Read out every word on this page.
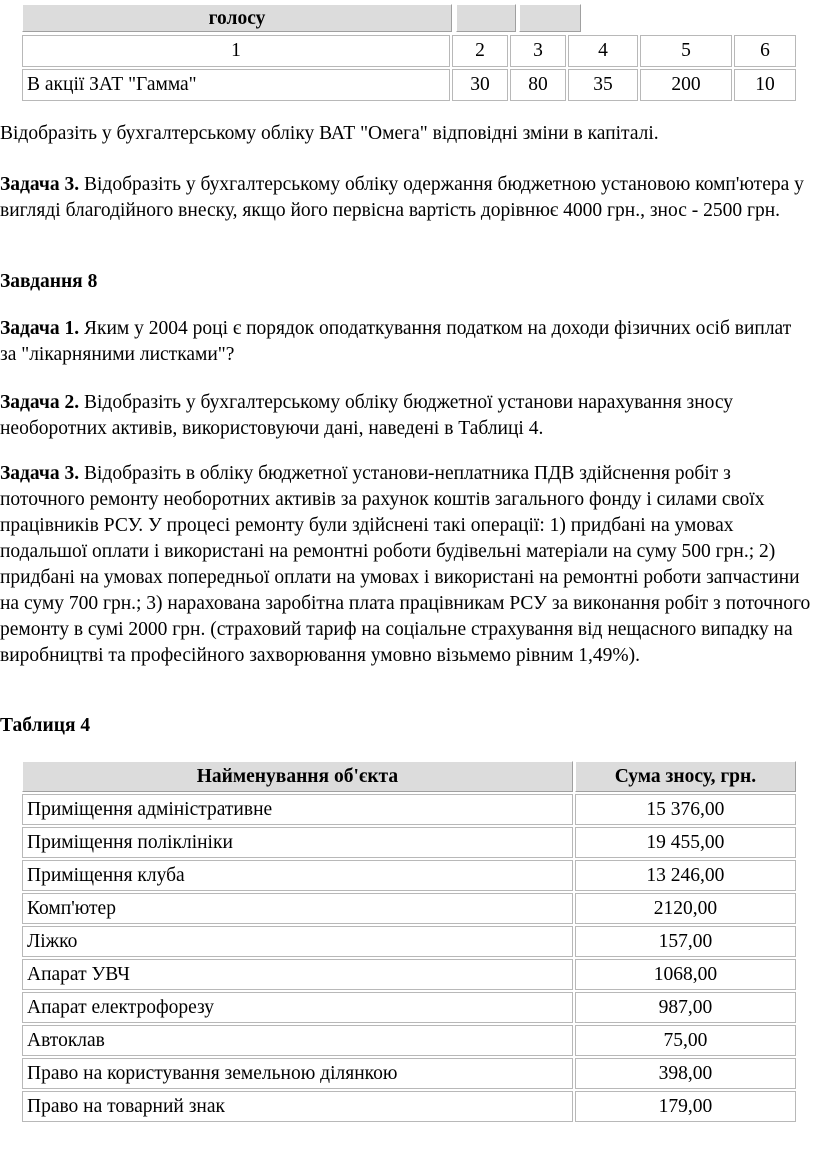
голосу
1	2	3	4	5	6
В акції ЗАТ "Гамма"	30	80	35	200	10

Відобразіть у бухгалтерському обліку ВАТ "Омега" відповідні зміни в капіталі.

Задача 3. Відобразіть у бухгалтерському обліку одержання бюджетною установою комп'ютера у вигляді благодійного внеску, якщо його первісна вартість дорівнює 4000 грн., знос - 2500 грн.

Завдання 8

Задача 1. Яким у 2004 році є порядок оподаткування податком на доходи фізичних осіб виплат за "лікарняними листками"?

Задача 2. Відобразіть у бухгалтерському обліку бюджетної установи нарахування зносу необоротних активів, використовуючи дані, наведені в Таблиці 4.

Задача 3. Відобразіть в обліку бюджетної установи-неплатника ПДВ здійснення робіт з поточного ремонту необоротних активів за рахунок коштів загального фонду і силами своїх працівників РСУ. У процесі ремонту були здійснені такі операції: 1) придбані на умовах подальшої оплати і використані на ремонтні роботи будівельні матеріали на суму 500 грн.; 2) придбані на умовах попередньої оплати на умовах і використані на ремонтні роботи запчастини на суму 700 грн.; 3) нарахована заробітна плата працівникам РСУ за виконання робіт з поточного ремонту в сумі 2000 грн. (страховий тариф на соціальне страхування від нещасного випадку на виробництві та професійного захворювання умовно візьмемо рівним 1,49%).

Таблиця 4

Найменування об'єкта	Сума зносу, грн.
Приміщення адміністративне	15 376,00
Приміщення поліклініки	19 455,00
Приміщення клуба	13 246,00
Комп'ютер	2120,00
Ліжко	157,00
Апарат УВЧ	1068,00
Апарат електрофорезу	987,00
Автоклав	75,00
Право на користування земельною ділянкою	398,00
Право на товарний знак	179,00
